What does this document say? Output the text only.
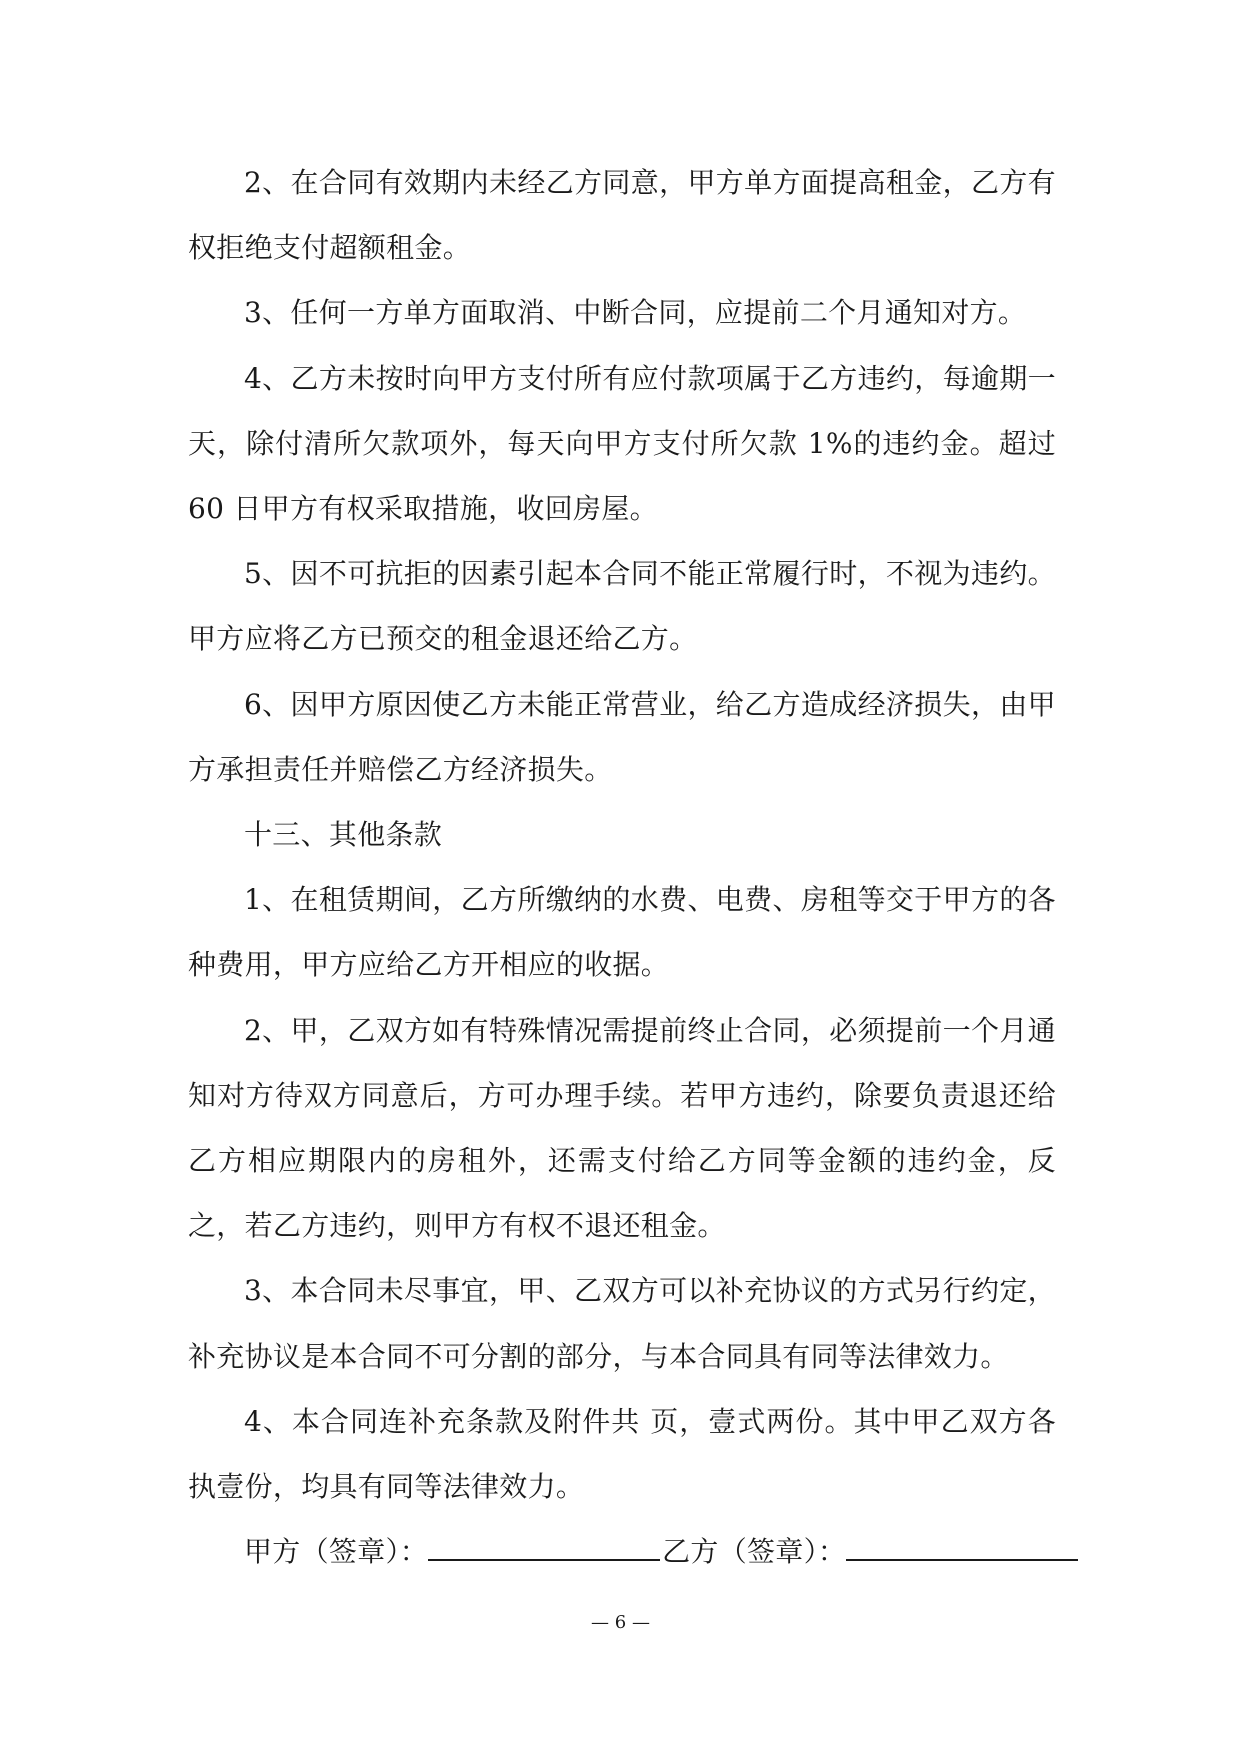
2、在合同有效期内未经乙方同意，甲方单方面提高租金，乙方有权拒绝支付超额租金。

3、任何一方单方面取消、中断合同，应提前二个月通知对方。

4、乙方未按时向甲方支付所有应付款项属于乙方违约，每逾期一天，除付清所欠款项外，每天向甲方支付所欠款 1%的违约金。超过 60 日甲方有权采取措施，收回房屋。

5、因不可抗拒的因素引起本合同不能正常履行时，不视为违约。甲方应将乙方已预交的租金退还给乙方。

6、因甲方原因使乙方未能正常营业，给乙方造成经济损失，由甲方承担责任并赔偿乙方经济损失。

十三、其他条款

1、在租赁期间，乙方所缴纳的水费、电费、房租等交于甲方的各种费用，甲方应给乙方开相应的收据。

2、甲，乙双方如有特殊情况需提前终止合同，必须提前一个月通知对方待双方同意后，方可办理手续。若甲方违约，除要负责退还给乙方相应期限内的房租外，还需支付给乙方同等金额的违约金，反之，若乙方违约，则甲方有权不退还租金。

3、本合同未尽事宜，甲、乙双方可以补充协议的方式另行约定，补充协议是本合同不可分割的部分，与本合同具有同等法律效力。

4、本合同连补充条款及附件共 页，壹式两份。其中甲乙双方各执壹份，均具有同等法律效力。

甲方（签章）：	乙方（签章）：

— 6 —
